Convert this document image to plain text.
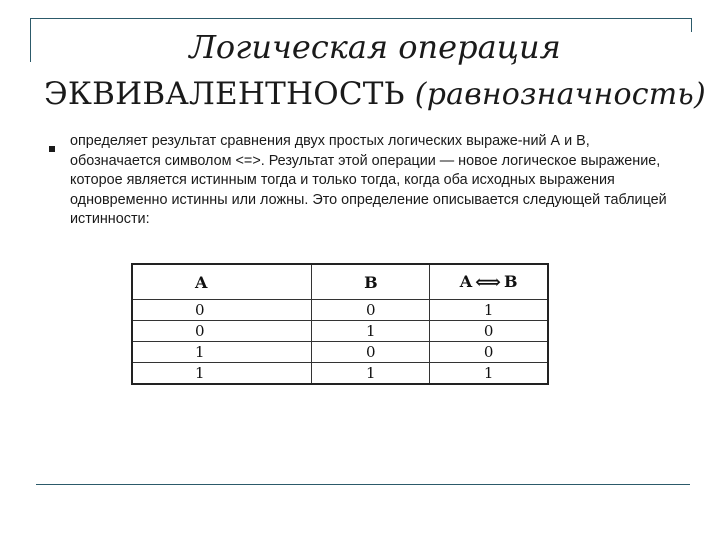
Логическая операция
ЭКВИВАЛЕНТНОСТЬ (равнозначность)
определяет результат сравнения двух простых логических выраже-ний А и В, обозначается символом <=>. Результат этой операции — новое логическое выражение, которое является истинным тогда и только тогда, когда оба исходных выражения одновременно истинны или ложны. Это определение описывается следующей таблицей истинности:
A	B	A ⟺ B
0	0	1
0	1	0
1	0	0
1	1	1
